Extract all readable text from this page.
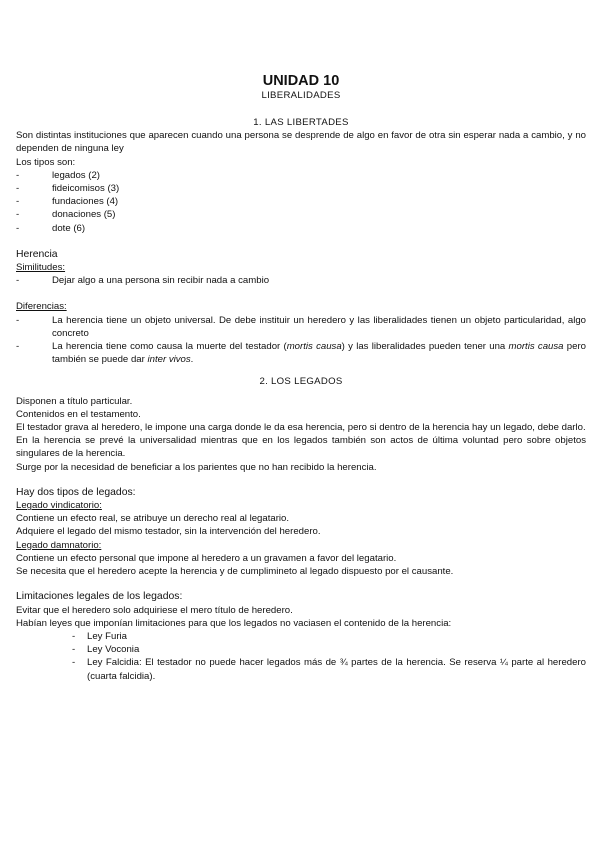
UNIDAD 10

LIBERALIDADES

1. LAS LIBERTADES

Son distintas instituciones que aparecen cuando una persona se desprende de algo en favor de otra sin esperar nada a cambio, y no dependen de ninguna ley

Los tipos son:

- legados (2)
- fideicomisos (3)
- fundaciones (4)
- donaciones (5)
- dote (6)

Herencia

Similitudes:

- Dejar algo a una persona sin recibir nada a cambio

Diferencias:

- La herencia tiene un objeto universal. De debe instituir un heredero y las liberalidades tienen un objeto particularidad, algo concreto
- La herencia tiene como causa la muerte del testador (mortis causa) y las liberalidades pueden tener una mortis causa pero también se puede dar inter vivos.

2. LOS LEGADOS

Disponen a título particular.

Contenidos en el testamento.

El testador grava al heredero, le impone una carga donde le da esa herencia, pero si dentro de la herencia hay un legado, debe darlo.

En la herencia se prevé la universalidad mientras que en los legados también son actos de última voluntad pero sobre objetos singulares de la herencia.

Surge por la necesidad de beneficiar a los parientes que no han recibido la herencia.

Hay dos tipos de legados:

Legado vindicatorio:

Contiene un efecto real, se atribuye un derecho real al legatario.

Adquiere el legado del mismo testador, sin la intervención del heredero.

Legado damnatorio:

Contiene un efecto personal que impone al heredero a un gravamen a favor del legatario.

Se necesita que el heredero acepte la herencia y de cumplimineto al legado dispuesto por el causante.

Limitaciones legales de los legados:

Evitar que el heredero solo adquiriese el mero título de heredero.

Habían leyes que imponían limitaciones para que los legados no vaciasen el contenido de la herencia:

- Ley Furia
- Ley Voconia
- Ley Falcidia: El testador no puede hacer legados más de ¾ partes de la herencia. Se reserva ¼ parte al heredero (cuarta falcidia).
